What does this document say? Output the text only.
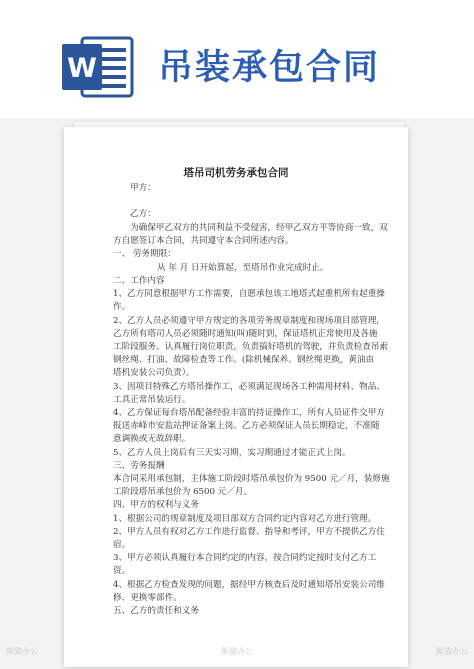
W 吊装承包合同
塔吊司机劳务承包合同
甲方：
乙方：
为确保甲乙双方的共同利益不受侵害，经甲乙双方平等协商一致，双
方自愿签订本合同，共同遵守本合同所述内容。
一、 劳务期限：
从 年 月 日开始算起，至塔吊作业完成时止。
二、工作内容
1、乙方同意根据甲方工作需要，自愿承包该工地塔式起重机所有起重操
作。
2、乙方人员必须遵守甲方规定的各项劳务规章制度和现场项目部管理，
乙方所有塔司人员必须随时通知(叫)随时到，保证塔机正常使用及各施
工阶段服务。认真履行岗位职责，负责搞好塔机的驾驶，并负责检查吊索
钢丝绳、打油、故障检查等工作。(除机械保养、钢丝绳更换，黄油由
塔机安装公司负责）。
3、因项目特殊乙方塔吊操作工，必须满足现场各工种需用材料、物品、
工具正常吊装运行。
4、乙方保证每台塔吊配备经验丰富的持证操作工，所有人员证件交甲方
报送赤峰市安监站押证备案上岗。乙方必须保证人员长期稳定，不准随
意调换或无故辞职。
5、乙方人员上岗后有三天实习期，实习期通过才能正式上岗。
三、劳务报酬
本合同采用承包制，主体施工阶段时塔吊承包价为 9500 元／月，装修施
工阶段塔吊承包价为 6500 元／月。
四、甲方的权利与义务
1、根据公司的规章制度及项目部双方合同约定内容对乙方进行管理。
2、甲方人员有权对乙方工作进行监督、指导和考评，甲方不提供乙方住
宿。
3、甲方必须认真履行本合同约定的内容，按合同约定按时支付乙方工
资。
4、根据乙方检查发现的问题，据经甲方核查后及时通知塔吊安装公司维
修、更换零部件。
五、乙方的责任和义务
熊猫办公	熊猫办公	熊猫办公
